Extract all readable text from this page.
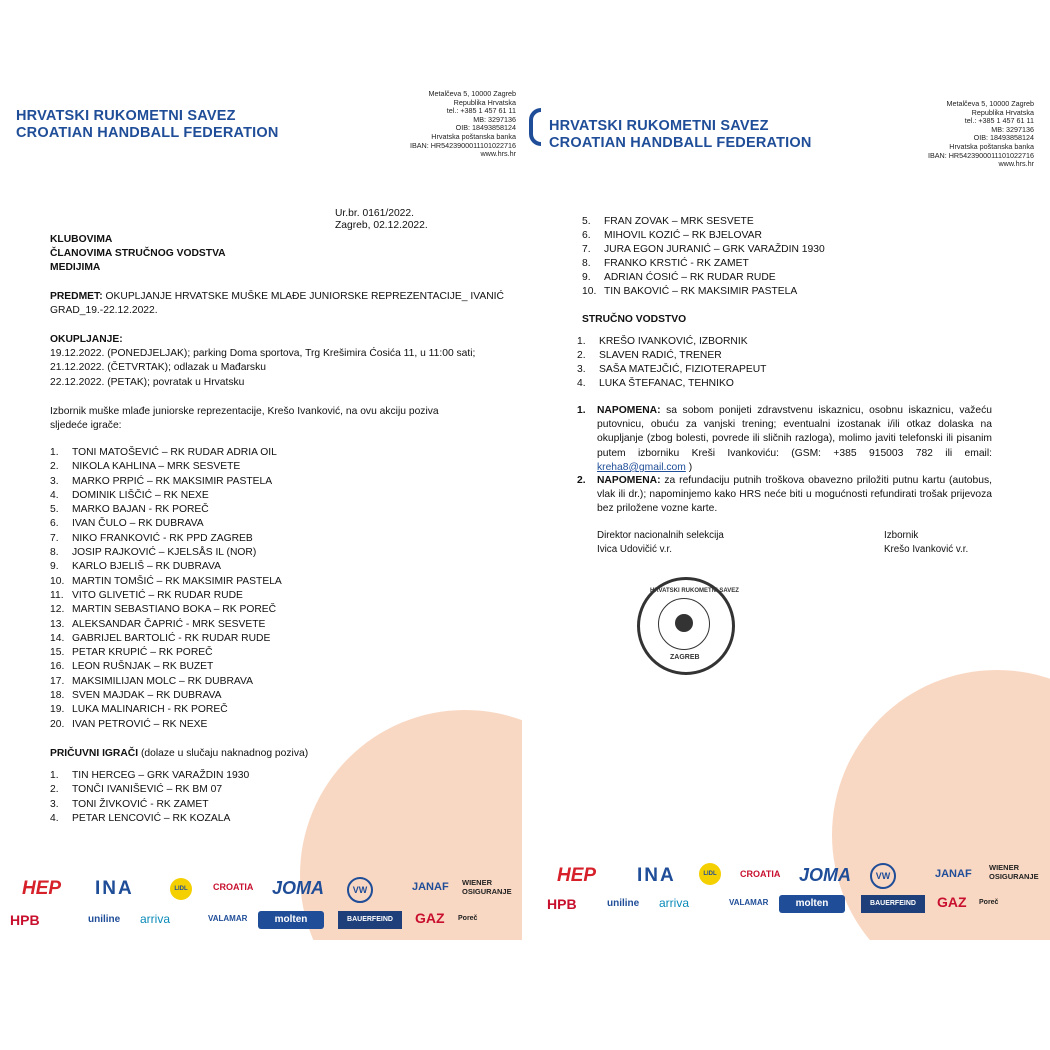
HRVATSKI RUKOMETNI SAVEZ
CROATIAN HANDBALL FEDERATION
Metalčeva 5, 10000 Zagreb
Republika Hrvatska
tel.: +385 1 457 61 11
MB: 3297136
OIB: 18493858124
Hrvatska poštanska banka
IBAN: HR5423900011101022716
www.hrs.hr
Ur.br. 0161/2022.
Zagreb, 02.12.2022.
KLUBOVIMA
ČLANOVIMA STRUČNOG VODSTVA
MEDIJIMA
PREDMET: OKUPLJANJE HRVATSKE MUŠKE MLAĐE JUNIORSKE REPREZENTACIJE_ IVANIĆ
GRAD_19.-22.12.2022.
OKUPLJANJE:
19.12.2022. (PONEDJELJAK); parking Doma sportova, Trg Krešimira Ćosića 11, u 11:00 sati;
21.12.2022. (ČETVRTAK); odlazak u Mađarsku
22.12.2022. (PETAK); povratak u Hrvatsku
Izbornik muške mlađe juniorske reprezentacije, Krešo Ivanković, na ovu akciju poziva
sljedeće igrače:
1. TONI MATOŠEVIĆ – RK RUDAR ADRIA OIL
2. NIKOLA KAHLINA – MRK SESVETE
3. MARKO PRPIĆ – RK MAKSIMIR PASTELA
4. DOMINIK LIŠČIĆ – RK NEXE
5. MARKO BAJAN - RK POREČ
6. IVAN ČULO – RK DUBRAVA
7. NIKO FRANKOVIĆ - RK PPD ZAGREB
8. JOSIP RAJKOVIĆ – KJELSÅS IL (NOR)
9. KARLO BJELIŠ – RK DUBRAVA
10. MARTIN TOMŠIĆ – RK MAKSIMIR PASTELA
11. VITO GLIVETIĆ – RK RUDAR RUDE
12. MARTIN SEBASTIANO BOKA – RK POREČ
13. ALEKSANDAR ČAPRIĆ - MRK SESVETE
14. GABRIJEL BARTOLIĆ - RK RUDAR RUDE
15. PETAR KRUPIĆ – RK POREČ
16. LEON RUŠNJAK – RK BUZET
17. MAKSIMILIJAN MOLC – RK DUBRAVA
18. SVEN MAJDAK – RK DUBRAVA
19. LUKA MALINARICH - RK POREČ
20. IVAN PETROVIĆ – RK NEXE
PRIČUVNI IGRAČI (dolaze u slučaju naknadnog poziva)
1. TIN HERCEG – GRK VARAŽDIN 1930
2. TONČI IVANIŠEVIĆ – RK BM 07
3. TONI ŽIVKOVIĆ - RK ZAMET
4. PETAR LENCOVIĆ – RK KOZALA
HEP INA	LIDL	CROATIA JOMA	VW	JANAF WIENER OSIGURANJE
HPB	uniline arriva	VALAMAR	molten	BAUERFEIND	GAZ Poreč
HRVATSKI RUKOMETNI SAVEZ
CROATIAN HANDBALL FEDERATION
Metalčeva 5, 10000 Zagreb
Republika Hrvatska
tel.: +385 1 457 61 11
MB: 3297136
OIB: 18493858124
Hrvatska poštanska banka
IBAN: HR5423900011101022716
www.hrs.hr
5. FRAN ZOVAK – MRK SESVETE
6. MIHOVIL KOZIĆ – RK BJELOVAR
7. JURA EGON JURANIĆ – GRK VARAŽDIN 1930
8. FRANKO KRSTIĆ - RK ZAMET
9. ADRIAN ĆOSIĆ – RK RUDAR RUDE
10. TIN BAKOVIĆ – RK MAKSIMIR PASTELA
STRUČNO VODSTVO
1. KREŠO IVANKOVIĆ, IZBORNIK
2. SLAVEN RADIĆ, TRENER
3. SAŠA MATEJČIĆ, FIZIOTERAPEUT
4. LUKA ŠTEFANAC, TEHNIKO
1. NAPOMENA: sa sobom ponijeti zdravstvenu iskaznicu, osobnu iskaznicu, važeću putovnicu, obuću za vanjski trening; eventualni izostanak i/ili otkaz dolaska na okupljanje (zbog bolesti, povrede ili sličnih razloga), molimo javiti telefonski ili pisanim putem izborniku Kreši Ivankoviću: (GSM: +385 915003 782 ili email: kreha8@gmail.com )
2. NAPOMENA: za refundaciju putnih troškova obavezno priložiti putnu kartu (autobus, vlak ili dr.); napominjemo kako HRS neće biti u mogućnosti refundirati trošak prijevoza bez priložene vozne karte.
Direktor nacionalnih selekcija
Ivica Udovičić v.r.
Izbornik
Krešo Ivanković v.r.
HRVATSKI RUKOMETNI SAVEZ
ZAGREB
HEP INA	LIDL	CROATIA JOMA	VW	JANAF
WIENER OSIGURANJE
HPB	uniline arriva	VALAMAR	molten	BAUERFEIND	GAZ Poreč
